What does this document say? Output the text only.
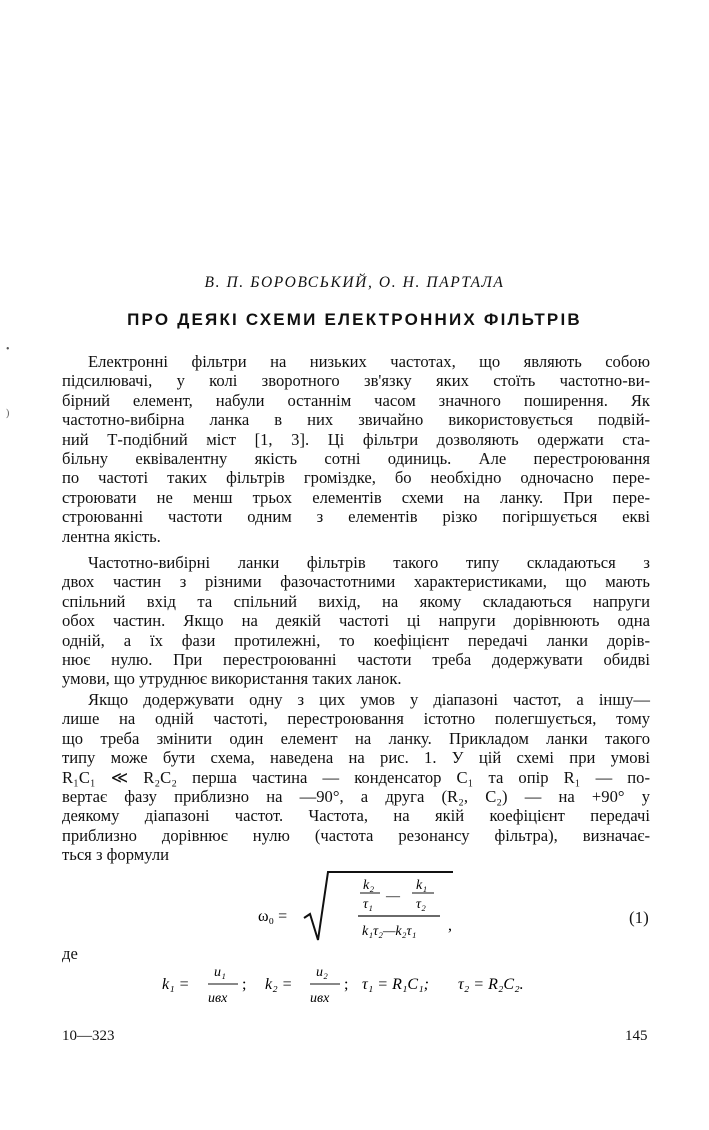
•
)
В. П. БОРОВСЬКИЙ, О. Н. ПАРТАЛА
ПРО ДЕЯКІ СХЕМИ ЕЛЕКТРОННИХ ФІЛЬТРІВ
Електронні фільтри на низьких частотах, що являють собою
підсилювачі, у колі зворотного зв'язку яких стоїть частотно-ви-
бірний елемент, набули останнім часом значного поширення. Як
частотно-вибірна ланка в них звичайно використовується подвій-
ний Т-подібний міст [1, 3]. Ці фільтри дозволяють одержати ста-
більну еквівалентну якість сотні одиниць. Але перестроювання
по частоті таких фільтрів громіздке, бо необхідно одночасно пере-
строювати не менш трьох елементів схеми на ланку. При пере-
строюванні частоти одним з елементів різко погіршується екві
лентна якість.
Частотно-вибірні ланки фільтрів такого типу складаються з
двох частин з різними фазочастотними характеристиками, що мають
спільний вхід та спільний вихід, на якому складаються напруги
обох частин. Якщо на деякій частоті ці напруги дорівнюють одна
одній, а їх фази протилежні, то коефіцієнт передачі ланки дорів-
нює нулю. При перестроюванні частоти треба додержувати обидві
умови, що утруднює використання таких ланок.
Якщо додержувати одну з цих умов у діапазоні частот, а іншу—
лише на одній частоті, перестроювання істотно полегшується, тому
що треба змінити один елемент на ланку. Прикладом ланки такого
типу може бути схема, наведена на рис. 1. У цій схемі при умові
R₁C₁ ≪ R₂C₂ перша частина — конденсатор C₁ та опір R₁ — по-
вертає фазу приблизно на —90°, а друга (R₂, C₂) — на +90° у
деякому діапазоні частот. Частота, на якій коефіцієнт передачі
приблизно дорівнює нулю (частота резонансу фільтра), визначає-
ться з формули
ω₀ =
k₂
τ₁
—
k₁
τ₂
k₁τ₂—k₂τ₁ ,	(1)
де
k₁ =
u₁
uвх
; k₂ =
u₂
uвх
; τ₁ = R₁C₁; τ₂ = R₂C₂.
10—323	145
